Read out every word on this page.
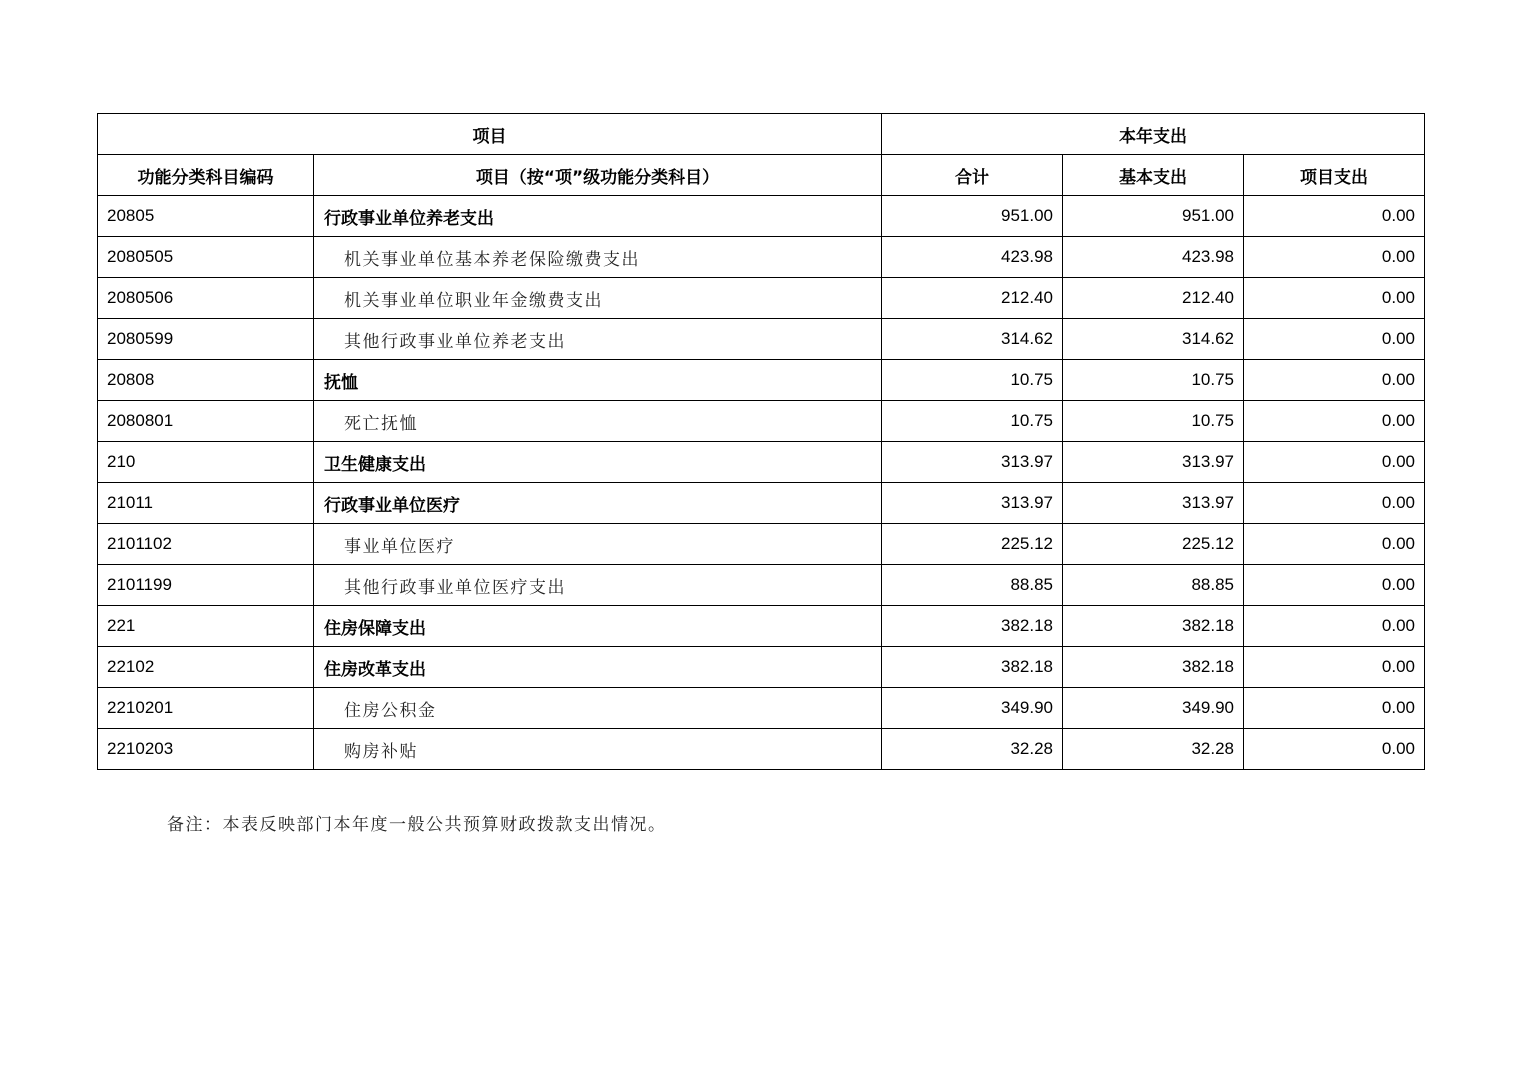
项目		本年支出		
功能分类科目编码	项目（按“项”级功能分类科目）	合计	基本支出	项目支出
20805	行政事业单位养老支出	951.00	951.00	0.00
2080505	机关事业单位基本养老保险缴费支出	423.98	423.98	0.00
2080506	机关事业单位职业年金缴费支出	212.40	212.40	0.00
2080599	其他行政事业单位养老支出	314.62	314.62	0.00
20808	抚恤	10.75	10.75	0.00
2080801	死亡抚恤	10.75	10.75	0.00
210	卫生健康支出	313.97	313.97	0.00
21011	行政事业单位医疗	313.97	313.97	0.00
2101102	事业单位医疗	225.12	225.12	0.00
2101199	其他行政事业单位医疗支出	88.85	88.85	0.00
221	住房保障支出	382.18	382.18	0.00
22102	住房改革支出	382.18	382.18	0.00
2210201	住房公积金	349.90	349.90	0.00
2210203	购房补贴	32.28	32.28	0.00
备注：本表反映部门本年度一般公共预算财政拨款支出情况。
